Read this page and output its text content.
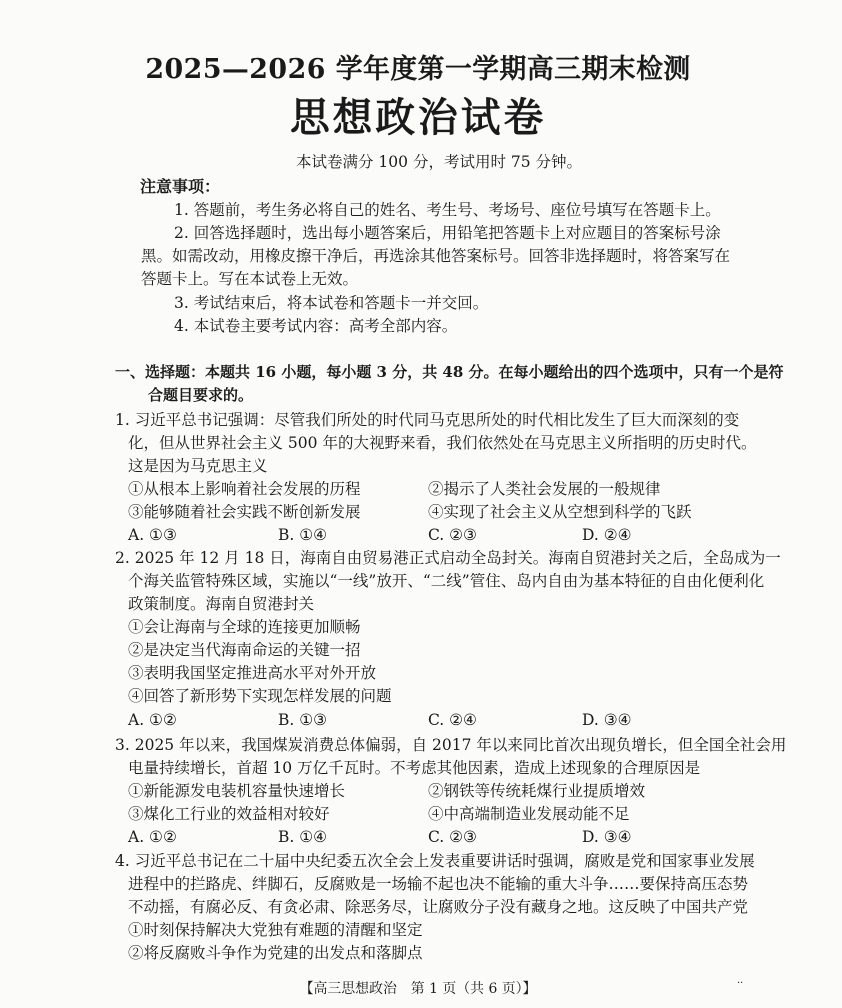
2025—2026 学年度第一学期高三期末检测
思想政治试卷
本试卷满分 100 分，考试用时 75 分钟。
注意事项：
1. 答题前，考生务必将自己的姓名、考生号、考场号、座位号填写在答题卡上。
2. 回答选择题时，选出每小题答案后，用铅笔把答题卡上对应题目的答案标号涂
黑。如需改动，用橡皮擦干净后，再选涂其他答案标号。回答非选择题时，将答案写在
答题卡上。写在本试卷上无效。
3. 考试结束后，将本试卷和答题卡一并交回。
4. 本试卷主要考试内容：高考全部内容。
一、选择题：本题共 16 小题，每小题 3 分，共 48 分。在每小题给出的四个选项中，只有一个是符
合题目要求的。
1. 习近平总书记强调：尽管我们所处的时代同马克思所处的时代相比发生了巨大而深刻的变
化，但从世界社会主义 500 年的大视野来看，我们依然处在马克思主义所指明的历史时代。
这是因为马克思主义
①从根本上影响着社会发展的历程	②揭示了人类社会发展的一般规律
③能够随着社会实践不断创新发展	④实现了社会主义从空想到科学的飞跃
A. ①③	B. ①④	C. ②③	D. ②④
2. 2025 年 12 月 18 日，海南自由贸易港正式启动全岛封关。海南自贸港封关之后，全岛成为一
个海关监管特殊区域，实施以“一线”放开、“二线”管住、岛内自由为基本特征的自由化便利化
政策制度。海南自贸港封关
①会让海南与全球的连接更加顺畅
②是决定当代海南命运的关键一招
③表明我国坚定推进高水平对外开放
④回答了新形势下实现怎样发展的问题
A. ①②	B. ①③	C. ②④	D. ③④
3. 2025 年以来，我国煤炭消费总体偏弱，自 2017 年以来同比首次出现负增长，但全国全社会用
电量持续增长，首超 10 万亿千瓦时。不考虑其他因素，造成上述现象的合理原因是
①新能源发电装机容量快速增长	②钢铁等传统耗煤行业提质增效
③煤化工行业的效益相对较好	④中高端制造业发展动能不足
A. ①②	B. ①④	C. ②③	D. ③④
4. 习近平总书记在二十届中央纪委五次全会上发表重要讲话时强调，腐败是党和国家事业发展
进程中的拦路虎、绊脚石，反腐败是一场输不起也决不能输的重大斗争……要保持高压态势
不动摇，有腐必反、有贪必肃、除恶务尽，让腐败分子没有藏身之地。这反映了中国共产党
①时刻保持解决大党独有难题的清醒和坚定
②将反腐败斗争作为党建的出发点和落脚点
【高三思想政治　第 1 页（共 6 页）】	··
